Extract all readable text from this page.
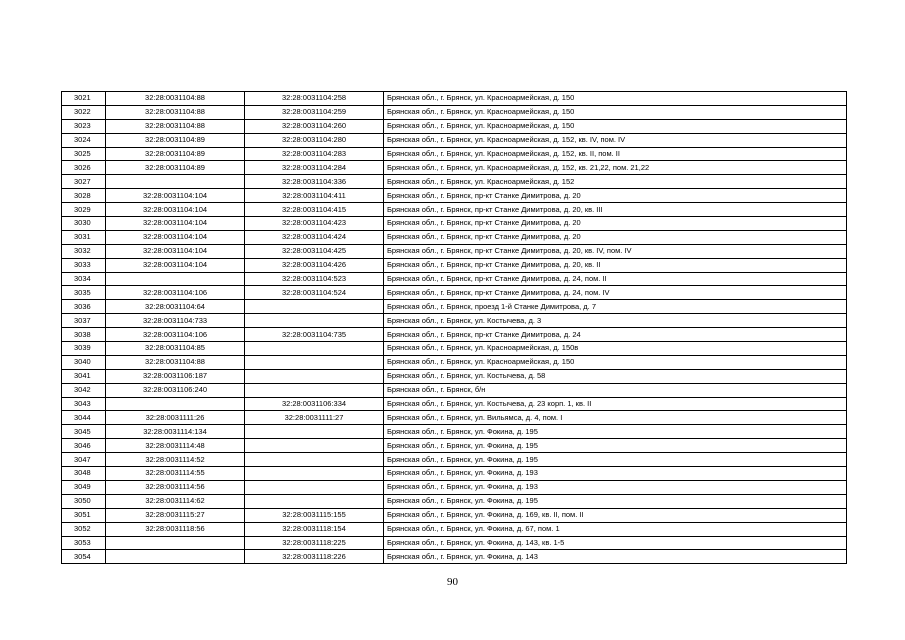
3021	32:28:0031104:88	32:28:0031104:258	Брянская обл., г. Брянск, ул. Красноармейская, д. 150
3022	32:28:0031104:88	32:28:0031104:259	Брянская обл., г. Брянск, ул. Красноармейская, д. 150
3023	32:28:0031104:88	32:28:0031104:260	Брянская обл., г. Брянск, ул. Красноармейская, д. 150
3024	32:28:0031104:89	32:28:0031104:280	Брянская обл., г. Брянск, ул. Красноармейская, д. 152, кв. IV, пом. IV
3025	32:28:0031104:89	32:28:0031104:283	Брянская обл., г. Брянск, ул. Красноармейская, д. 152, кв. II, пом. II
3026	32:28:0031104:89	32:28:0031104:284	Брянская обл., г. Брянск, ул. Красноармейская, д. 152, кв. 21,22, пом. 21,22
3027		32:28:0031104:336	Брянская обл., г. Брянск, ул. Красноармейская, д. 152
3028	32:28:0031104:104	32:28:0031104:411	Брянская обл., г. Брянск, пр-кт Станке Димитрова, д. 20
3029	32:28:0031104:104	32:28:0031104:415	Брянская обл., г. Брянск, пр-кт Станке Димитрова, д. 20, кв. III
3030	32:28:0031104:104	32:28:0031104:423	Брянская обл., г. Брянск, пр-кт Станке Димитрова, д. 20
3031	32:28:0031104:104	32:28:0031104:424	Брянская обл., г. Брянск, пр-кт Станке Димитрова, д. 20
3032	32:28:0031104:104	32:28:0031104:425	Брянская обл., г. Брянск, пр-кт Станке Димитрова, д. 20, кв. IV, пом. IV
3033	32:28:0031104:104	32:28:0031104:426	Брянская обл., г. Брянск, пр-кт Станке Димитрова, д. 20, кв. II
3034		32:28:0031104:523	Брянская обл., г. Брянск, пр-кт Станке Димитрова, д. 24, пом. II
3035	32:28:0031104:106	32:28:0031104:524	Брянская обл., г. Брянск, пр-кт Станке Димитрова, д. 24, пом. IV
3036	32:28:0031104:64		Брянская обл., г. Брянск, проезд 1-й Станке Димитрова, д. 7
3037	32:28:0031104:733		Брянская обл., г. Брянск, ул. Костычева, д. 3
3038	32:28:0031104:106	32:28:0031104:735	Брянская обл., г. Брянск, пр-кт Станке Димитрова, д. 24
3039	32:28:0031104:85		Брянская обл., г. Брянск, ул. Красноармейская, д. 150в
3040	32:28:0031104:88		Брянская обл., г. Брянск, ул. Красноармейская, д. 150
3041	32:28:0031106:187		Брянская обл., г. Брянск, ул. Костычева, д. 58
3042	32:28:0031106:240		Брянская обл., г. Брянск, б/н
3043		32:28:0031106:334	Брянская обл., г. Брянск, ул. Костычева, д. 23 корп. 1, кв. II
3044	32:28:0031111:26	32:28:0031111:27	Брянская обл., г. Брянск, ул. Вильямса, д. 4, пом. I
3045	32:28:0031114:134		Брянская обл., г. Брянск, ул. Фокина, д. 195
3046	32:28:0031114:48		Брянская обл., г. Брянск, ул. Фокина, д. 195
3047	32:28:0031114:52		Брянская обл., г. Брянск, ул. Фокина, д. 195
3048	32:28:0031114:55		Брянская обл., г. Брянск, ул. Фокина, д. 193
3049	32:28:0031114:56		Брянская обл., г. Брянск, ул. Фокина, д. 193
3050	32:28:0031114:62		Брянская обл., г. Брянск, ул. Фокина, д. 195
3051	32:28:0031115:27	32:28:0031115:155	Брянская обл., г. Брянск, ул. Фокина, д. 169, кв. II, пом. II
3052	32:28:0031118:56	32:28:0031118:154	Брянская обл., г. Брянск, ул. Фокина, д. 67, пом. 1
3053		32:28:0031118:225	Брянская обл., г. Брянск, ул. Фокина, д. 143, кв. 1-5
3054		32:28:0031118:226	Брянская обл., г. Брянск, ул. Фокина, д. 143
90
